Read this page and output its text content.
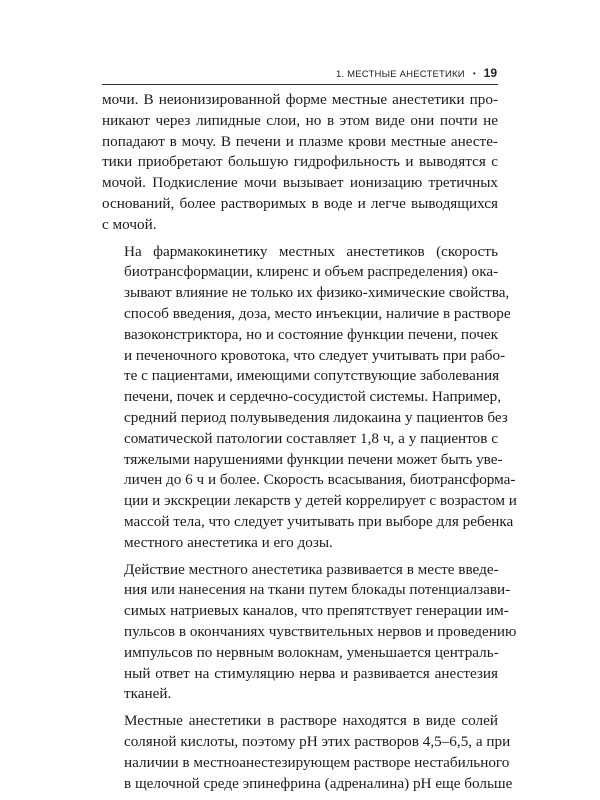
1. МЕСТНЫЕ АНЕСТЕТИКИ • 19
мочи. В неионизированной форме местные анестетики про-
никают через липидные слои, но в этом виде они почти не
попадают в мочу. В печени и плазме крови местные анесте-
тики приобретают большую гидрофильность и выводятся с
мочой. Подкисление мочи вызывает ионизацию третичных
оснований, более растворимых в воде и легче выводящихся
с мочой.
На фармакокинетику местных анестетиков (скорость
биотрансформации, клиренс и объем распределения) ока-
зывают влияние не только их физико-химические свойства,
способ введения, доза, место инъекции, наличие в растворе
вазоконстриктора, но и состояние функции печени, почек
и печеночного кровотока, что следует учитывать при рабо-
те с пациентами, имеющими сопутствующие заболевания
печени, почек и сердечно-сосудистой системы. Например,
средний период полувыведения лидокаина у пациентов без
соматической патологии составляет 1,8 ч, а у пациентов с
тяжелыми нарушениями функции печени может быть уве-
личен до 6 ч и более. Скорость всасывания, биотрансформа-
ции и экскреции лекарств у детей коррелирует с возрастом и
массой тела, что следует учитывать при выборе для ребенка
местного анестетика и его дозы.
Действие местного анестетика развивается в месте введе-
ния или нанесения на ткани путем блокады потенциалзави-
симых натриевых каналов, что препятствует генерации им-
пульсов в окончаниях чувствительных нервов и проведению
импульсов по нервным волокнам, уменьшается централь-
ный ответ на стимуляцию нерва и развивается анестезия
тканей.
Местные анестетики в растворе находятся в виде солей
соляной кислоты, поэтому pH этих растворов 4,5–6,5, а при
наличии в местноанестезирующем растворе нестабильного
в щелочной среде эпинефрина (адреналина) pH еще больше
